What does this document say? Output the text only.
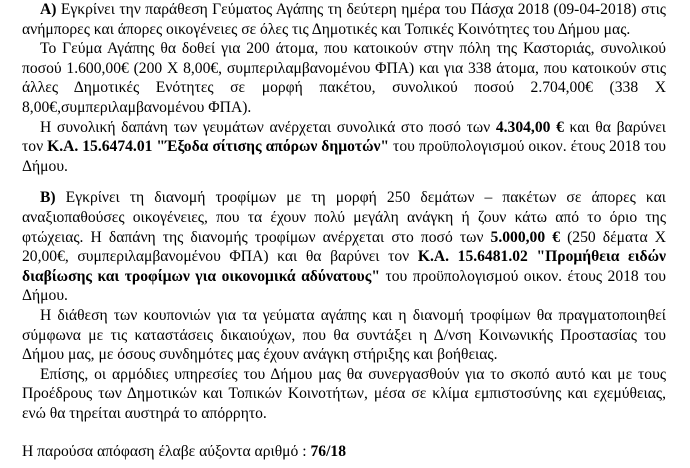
A) Εγκρίνει την παράθεση Γεύματος Αγάπης τη δεύτερη ημέρα του Πάσχα 2018 (09-04-2018) στις ανήμπορες και άπορες οικογένειες σε όλες τις Δημοτικές και Τοπικές Κοινότητες του Δήμου μας.

Το Γεύμα Αγάπης θα δοθεί για 200 άτομα, που κατοικούν στην πόλη της Καστοριάς, συνολικού ποσού 1.600,00€ (200 Χ 8,00€, συμπεριλαμβανομένου ΦΠΑ) και για 338 άτομα, που κατοικούν στις άλλες Δημοτικές Ενότητες σε μορφή πακέτου, συνολικού ποσού 2.704,00€ (338 Χ 8,00€,συμπεριλαμβανομένου ΦΠΑ).

Η συνολική δαπάνη των γευμάτων ανέρχεται συνολικά στο ποσό των 4.304,00 € και θα βαρύνει τον Κ.Α. 15.6474.01 "Έξοδα σίτισης απόρων δημοτών" του προϋπολογισμού οικον. έτους 2018 του Δήμου.

Β) Εγκρίνει τη διανομή τροφίμων με τη μορφή 250 δεμάτων – πακέτων σε άπορες και αναξιοπαθούσες οικογένειες, που τα έχουν πολύ μεγάλη ανάγκη ή ζουν κάτω από το όριο της φτώχειας. Η δαπάνη της διανομής τροφίμων ανέρχεται στο ποσό των 5.000,00 € (250 δέματα Χ 20,00€, συμπεριλαμβανομένου ΦΠΑ) και θα βαρύνει τον Κ.Α. 15.6481.02 "Προμήθεια ειδών διαβίωσης και τροφίμων για οικονομικά αδύνατους" του προϋπολογισμού οικον. έτους 2018 του Δήμου.

Η διάθεση των κουπονιών για τα γεύματα αγάπης και η διανομή τροφίμων θα πραγματοποιηθεί σύμφωνα με τις καταστάσεις δικαιούχων, που θα συντάξει η Δ/νση Κοινωνικής Προστασίας του Δήμου μας, με όσους συνδημότες μας έχουν ανάγκη στήριξης και βοήθειας.

Επίσης, οι αρμόδιες υπηρεσίες του Δήμου μας θα συνεργασθούν για το σκοπό αυτό και με τους Προέδρους των Δημοτικών και Τοπικών Κοινοτήτων, μέσα σε κλίμα εμπιστοσύνης και εχεμύθειας, ενώ θα τηρείται αυστηρά το απόρρητο.

Η παρούσα απόφαση έλαβε αύξοντα αριθμό : 76/18
